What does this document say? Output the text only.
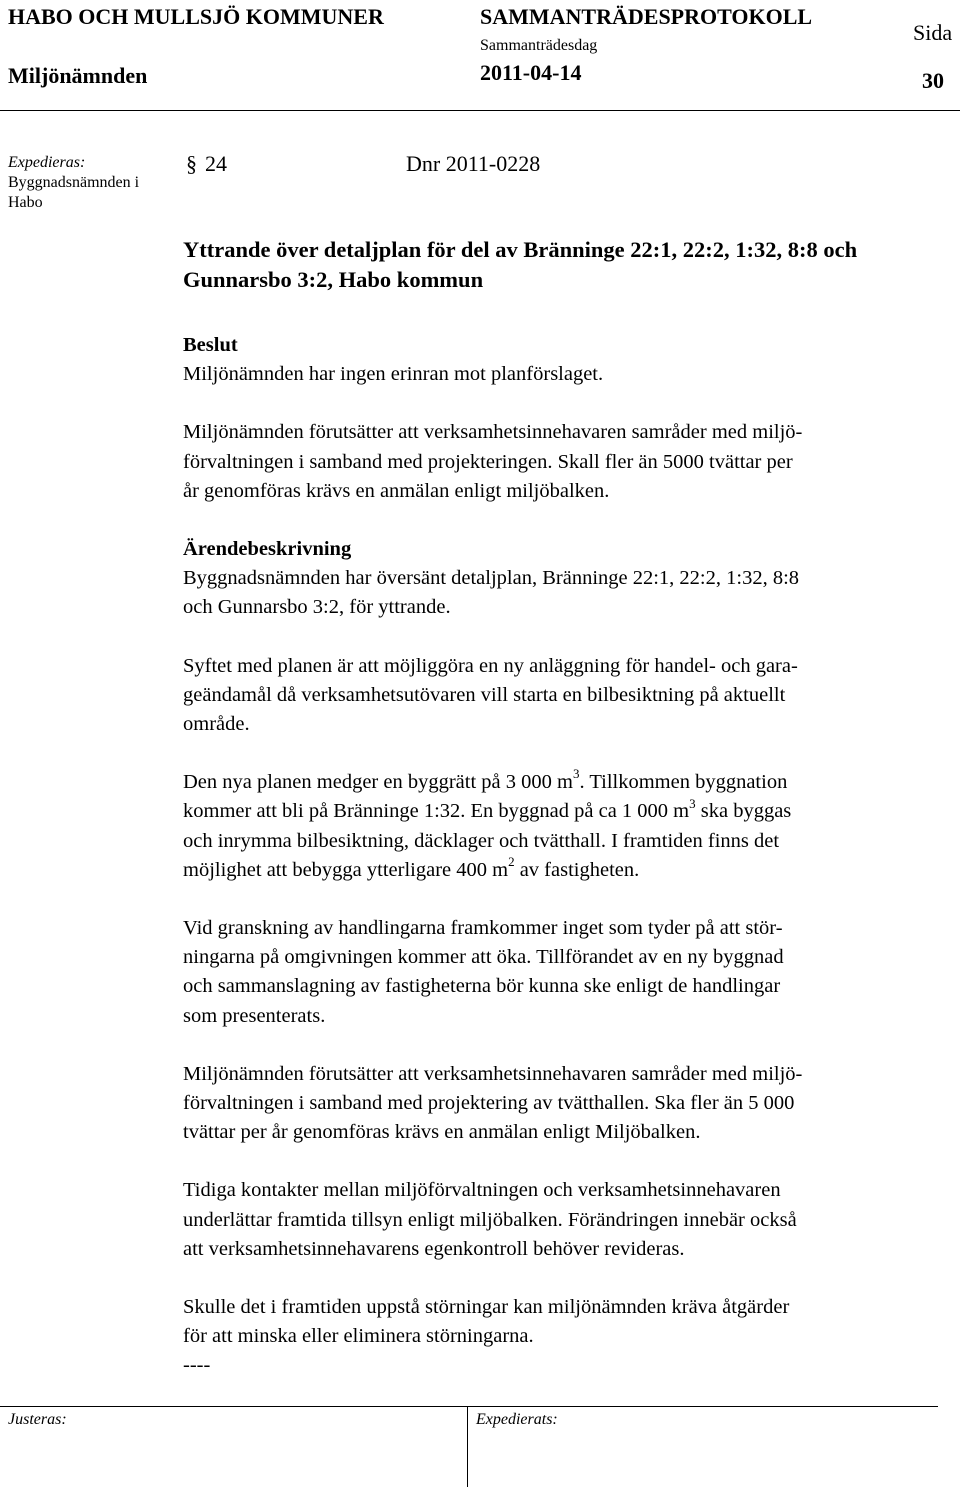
HABO OCH MULLSJÖ KOMMUNER	SAMMANTRÄDESPROTOKOLL
Sammanträdesdag
Sida
Miljönämnden	2011-04-14	30
Expedieras:
Byggnadsnämnden i
Habo
§ 24	Dnr 2011-0228
Yttrande över detaljplan för del av Bränninge 22:1, 22:2, 1:32, 8:8 och Gunnarsbo 3:2, Habo kommun

Beslut

Miljönämnden har ingen erinran mot planförslaget.

Miljönämnden förutsätter att verksamhetsinnehavaren samråder med miljö-

förvaltningen i samband med projekteringen. Skall fler än 5000 tvättar per

år genomföras krävs en anmälan enligt miljöbalken.

Ärendebeskrivning

Byggnadsnämnden har översänt detaljplan, Bränninge 22:1, 22:2, 1:32, 8:8

och Gunnarsbo 3:2, för yttrande.

Syftet med planen är att möjliggöra en ny anläggning för handel- och gara-

geändamål då verksamhetsutövaren vill starta en bilbesiktning på aktuellt

område.

Den nya planen medger en byggrätt på 3 000 $m^3$. Tillkommen byggnation

kommer att bli på Bränninge 1:32. En byggnad på ca 1 000 $m^3$ ska byggas

och inrymma bilbesiktning, däcklager och tvätthall. I framtiden finns det

möjlighet att bebygga ytterligare 400 $m^2$ av fastigheten.

Vid granskning av handlingarna framkommer inget som tyder på att stör-

ningarna på omgivningen kommer att öka. Tillförandet av en ny byggnad

och sammanslagning av fastigheterna bör kunna ske enligt de handlingar

som presenterats.

Miljönämnden förutsätter att verksamhetsinnehavaren samråder med miljö-

förvaltningen i samband med projektering av tvätthallen. Ska fler än 5 000

tvättar per år genomföras krävs en anmälan enligt Miljöbalken.

Tidiga kontakter mellan miljöförvaltningen och verksamhetsinnehavaren

underlättar framtida tillsyn enligt miljöbalken. Förändringen innebär också

att verksamhetsinnehavarens egenkontroll behöver revideras.

Skulle det i framtiden uppstå störningar kan miljönämnden kräva åtgärder

för att minska eller eliminera störningarna.

----

Justeras:	Expedierats:
